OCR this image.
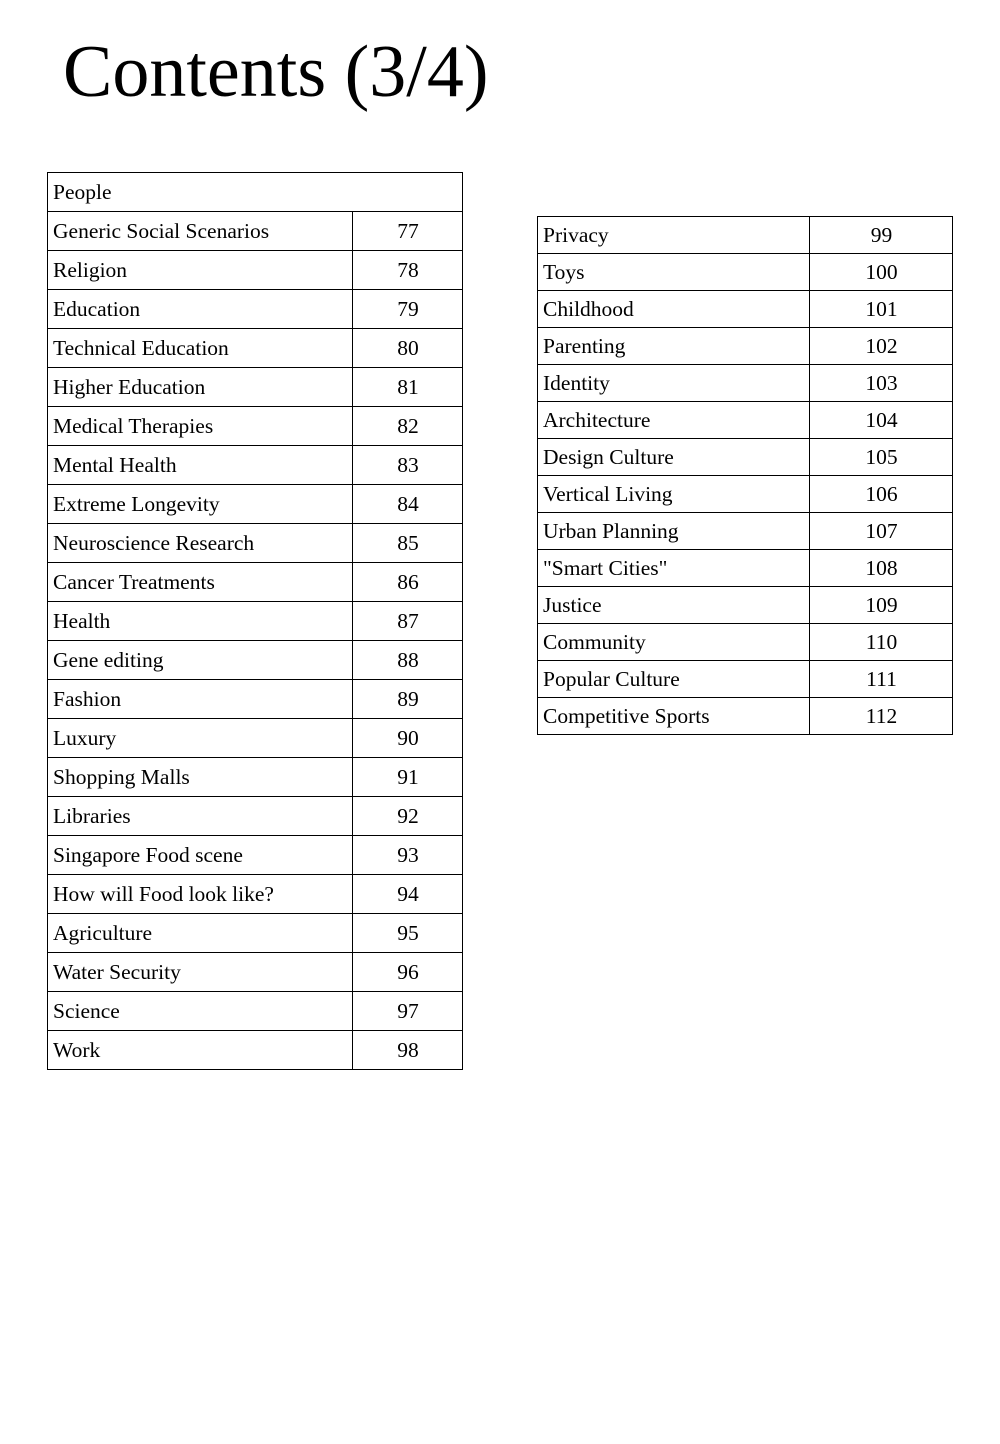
Contents (3/4)
People	
Generic Social Scenarios	77
Religion	78
Education	79
Technical Education	80
Higher Education	81
Medical Therapies	82
Mental Health	83
Extreme Longevity	84
Neuroscience Research	85
Cancer Treatments	86
Health	87
Gene editing	88
Fashion	89
Luxury	90
Shopping Malls	91
Libraries	92
Singapore Food scene	93
How will Food look like?	94
Agriculture	95
Water Security	96
Science	97
Work	98
Privacy	99
Toys	100
Childhood	101
Parenting	102
Identity	103
Architecture	104
Design Culture	105
Vertical Living	106
Urban Planning	107
"Smart Cities"	108
Justice	109
Community	110
Popular Culture	111
Competitive Sports	112
